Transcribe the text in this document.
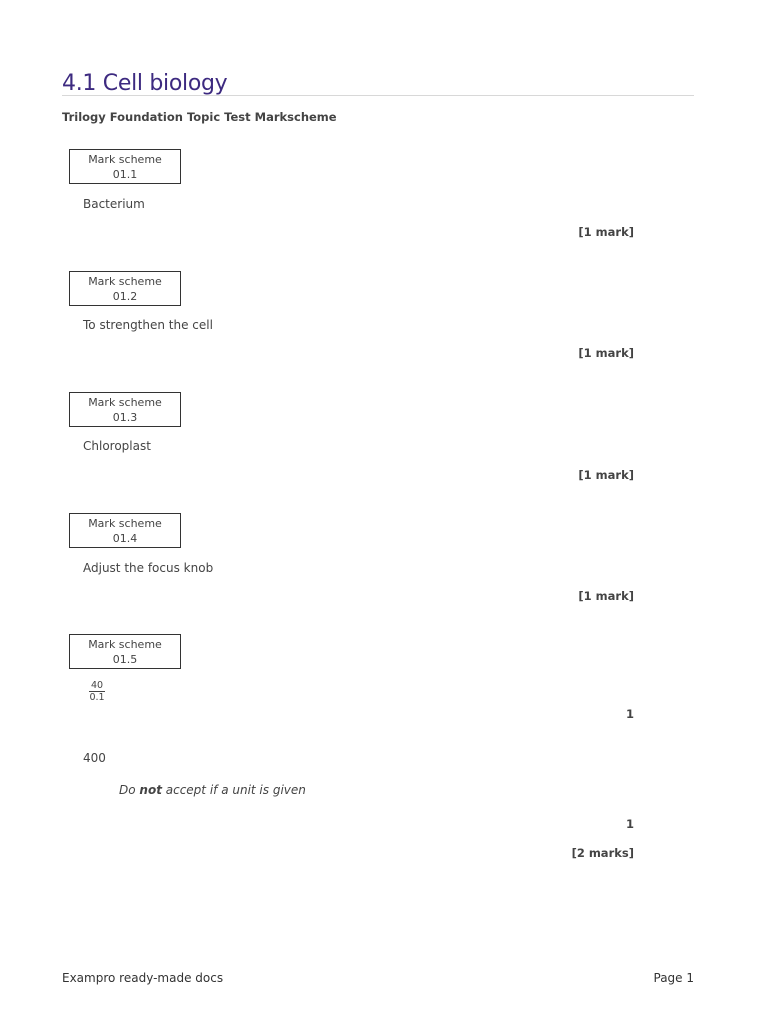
4.1 Cell biology
Trilogy Foundation Topic Test Markscheme
Mark scheme
01.1
Bacterium
[1 mark]
Mark scheme
01.2
To strengthen the cell
[1 mark]
Mark scheme
01.3
Chloroplast
[1 mark]
Mark scheme
01.4
Adjust the focus knob
[1 mark]
Mark scheme
01.5
40
0.1
1
400
Do not accept if a unit is given
1
[2 marks]
Exampro ready-made docs	Page 1
